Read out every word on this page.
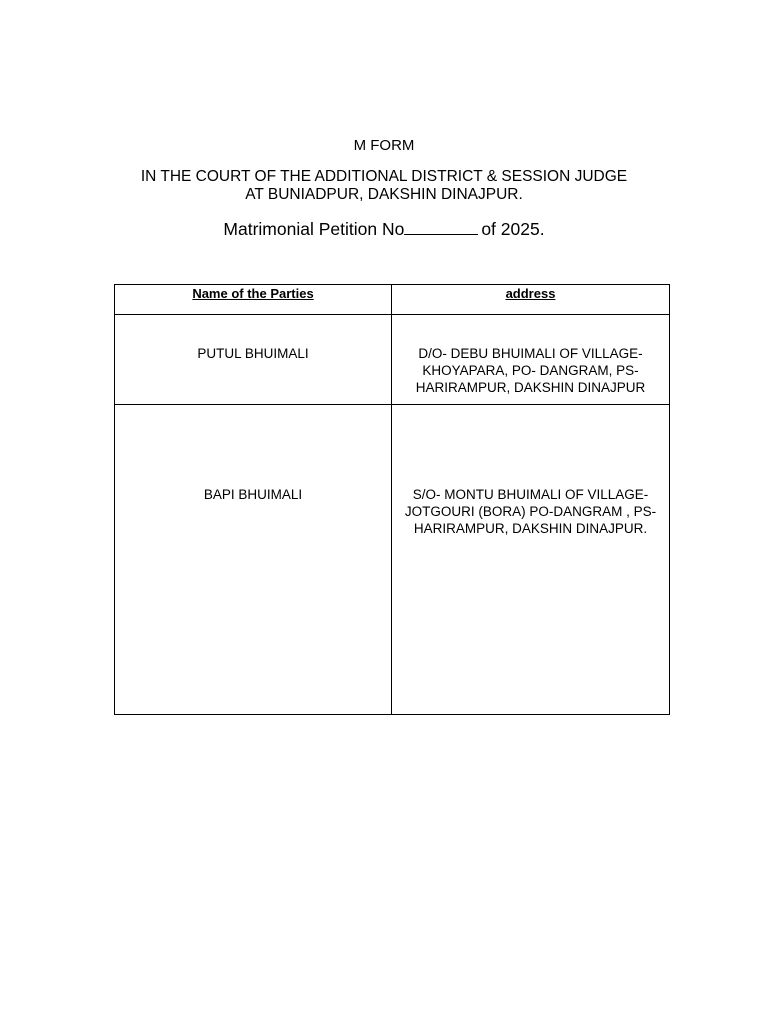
M FORM
IN THE COURT OF THE ADDITIONAL DISTRICT & SESSION JUDGE
AT BUNIADPUR, DAKSHIN DINAJPUR.
Matrimonial Petition No	of 2025.
Name of the Parties	address

PUTUL BHUIMALI	D/O- DEBU BHUIMALI OF VILLAGE- KHOYAPARA, PO- DANGRAM, PS-HARIRAMPUR, DAKSHIN DINAJPUR

BAPI BHUIMALI	S/O- MONTU BHUIMALI OF VILLAGE- JOTGOURI (BORA) PO-DANGRAM , PS-HARIRAMPUR, DAKSHIN DINAJPUR.
